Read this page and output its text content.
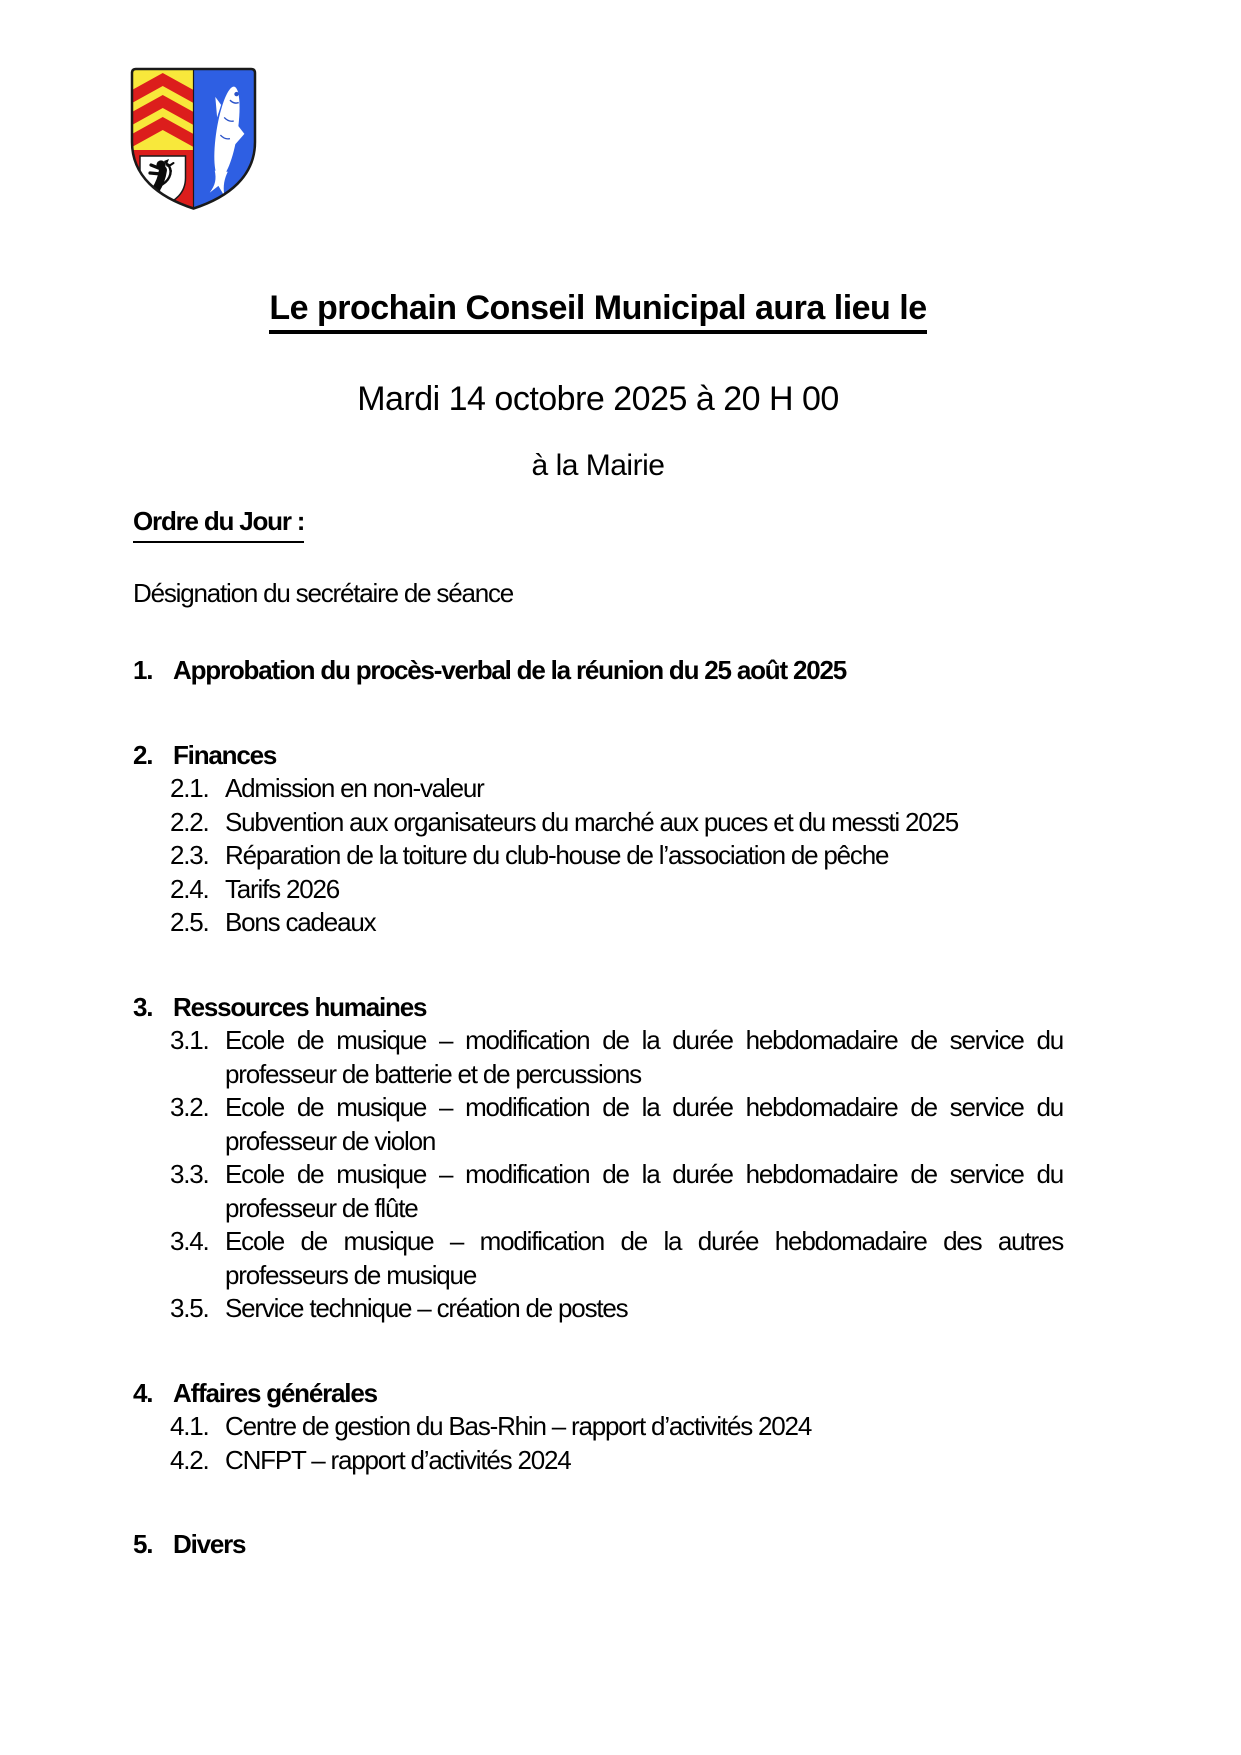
Le prochain Conseil Municipal aura lieu le

Mardi 14 octobre 2025 à 20 H 00

à la Mairie

Ordre du Jour :

Désignation du secrétaire de séance

1. Approbation du procès-verbal de la réunion du 25 août 2025
2. Finances
2.1. Admission en non-valeur
2.2. Subvention aux organisateurs du marché aux puces et du messti 2025
2.3. Réparation de la toiture du club-house de l’association de pêche
2.4. Tarifs 2026
2.5. Bons cadeaux
3. Ressources humaines
3.1. Ecole de musique – modification de la durée hebdomadaire de service du professeur de batterie et de percussions
3.2. Ecole de musique – modification de la durée hebdomadaire de service du professeur de violon
3.3. Ecole de musique – modification de la durée hebdomadaire de service du professeur de flûte
3.4. Ecole de musique – modification de la durée hebdomadaire des autres professeurs de musique
3.5. Service technique – création de postes
4. Affaires générales
4.1. Centre de gestion du Bas-Rhin – rapport d’activités 2024
4.2. CNFPT – rapport d’activités 2024
5. Divers
